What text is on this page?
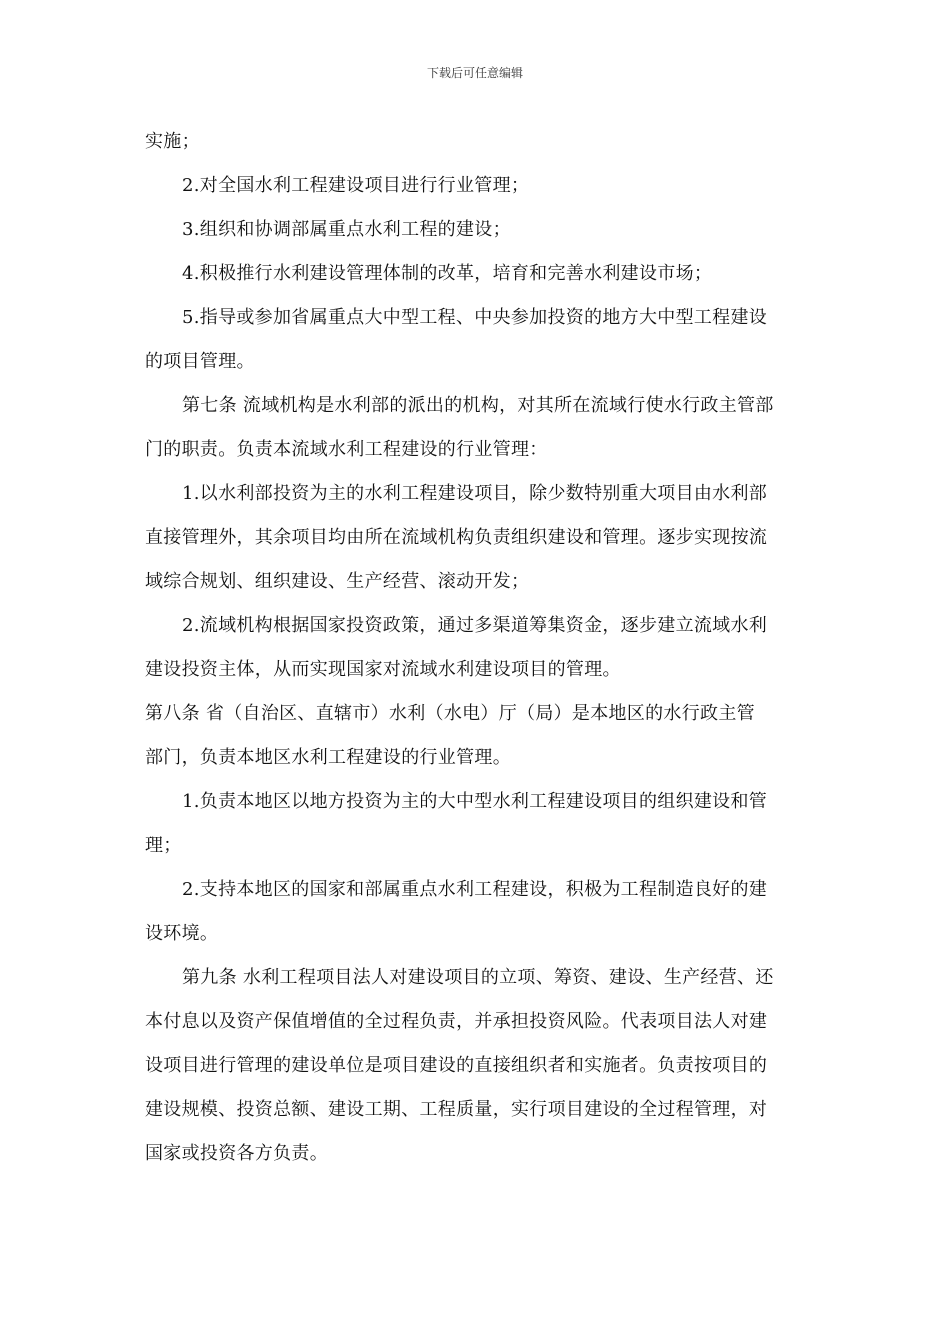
下载后可任意编辑
实施；
2.对全国水利工程建设项目进行行业管理；
3.组织和协调部属重点水利工程的建设；
4.积极推行水利建设管理体制的改革，培育和完善水利建设市场；
5.指导或参加省属重点大中型工程、中央参加投资的地方大中型工程建设
的项目管理。
第七条 流域机构是水利部的派出的机构，对其所在流域行使水行政主管部
门的职责。负责本流域水利工程建设的行业管理：
1.以水利部投资为主的水利工程建设项目，除少数特别重大项目由水利部
直接管理外，其余项目均由所在流域机构负责组织建设和管理。逐步实现按流
域综合规划、组织建设、生产经营、滚动开发；
2.流域机构根据国家投资政策，通过多渠道筹集资金，逐步建立流域水利
建设投资主体，从而实现国家对流域水利建设项目的管理。
第八条 省（自治区、直辖市）水利（水电）厅（局）是本地区的水行政主管
部门，负责本地区水利工程建设的行业管理。
1.负责本地区以地方投资为主的大中型水利工程建设项目的组织建设和管
理；
2.支持本地区的国家和部属重点水利工程建设，积极为工程制造良好的建
设环境。
第九条 水利工程项目法人对建设项目的立项、筹资、建设、生产经营、还
本付息以及资产保值增值的全过程负责，并承担投资风险。代表项目法人对建
设项目进行管理的建设单位是项目建设的直接组织者和实施者。负责按项目的
建设规模、投资总额、建设工期、工程质量，实行项目建设的全过程管理，对
国家或投资各方负责。
